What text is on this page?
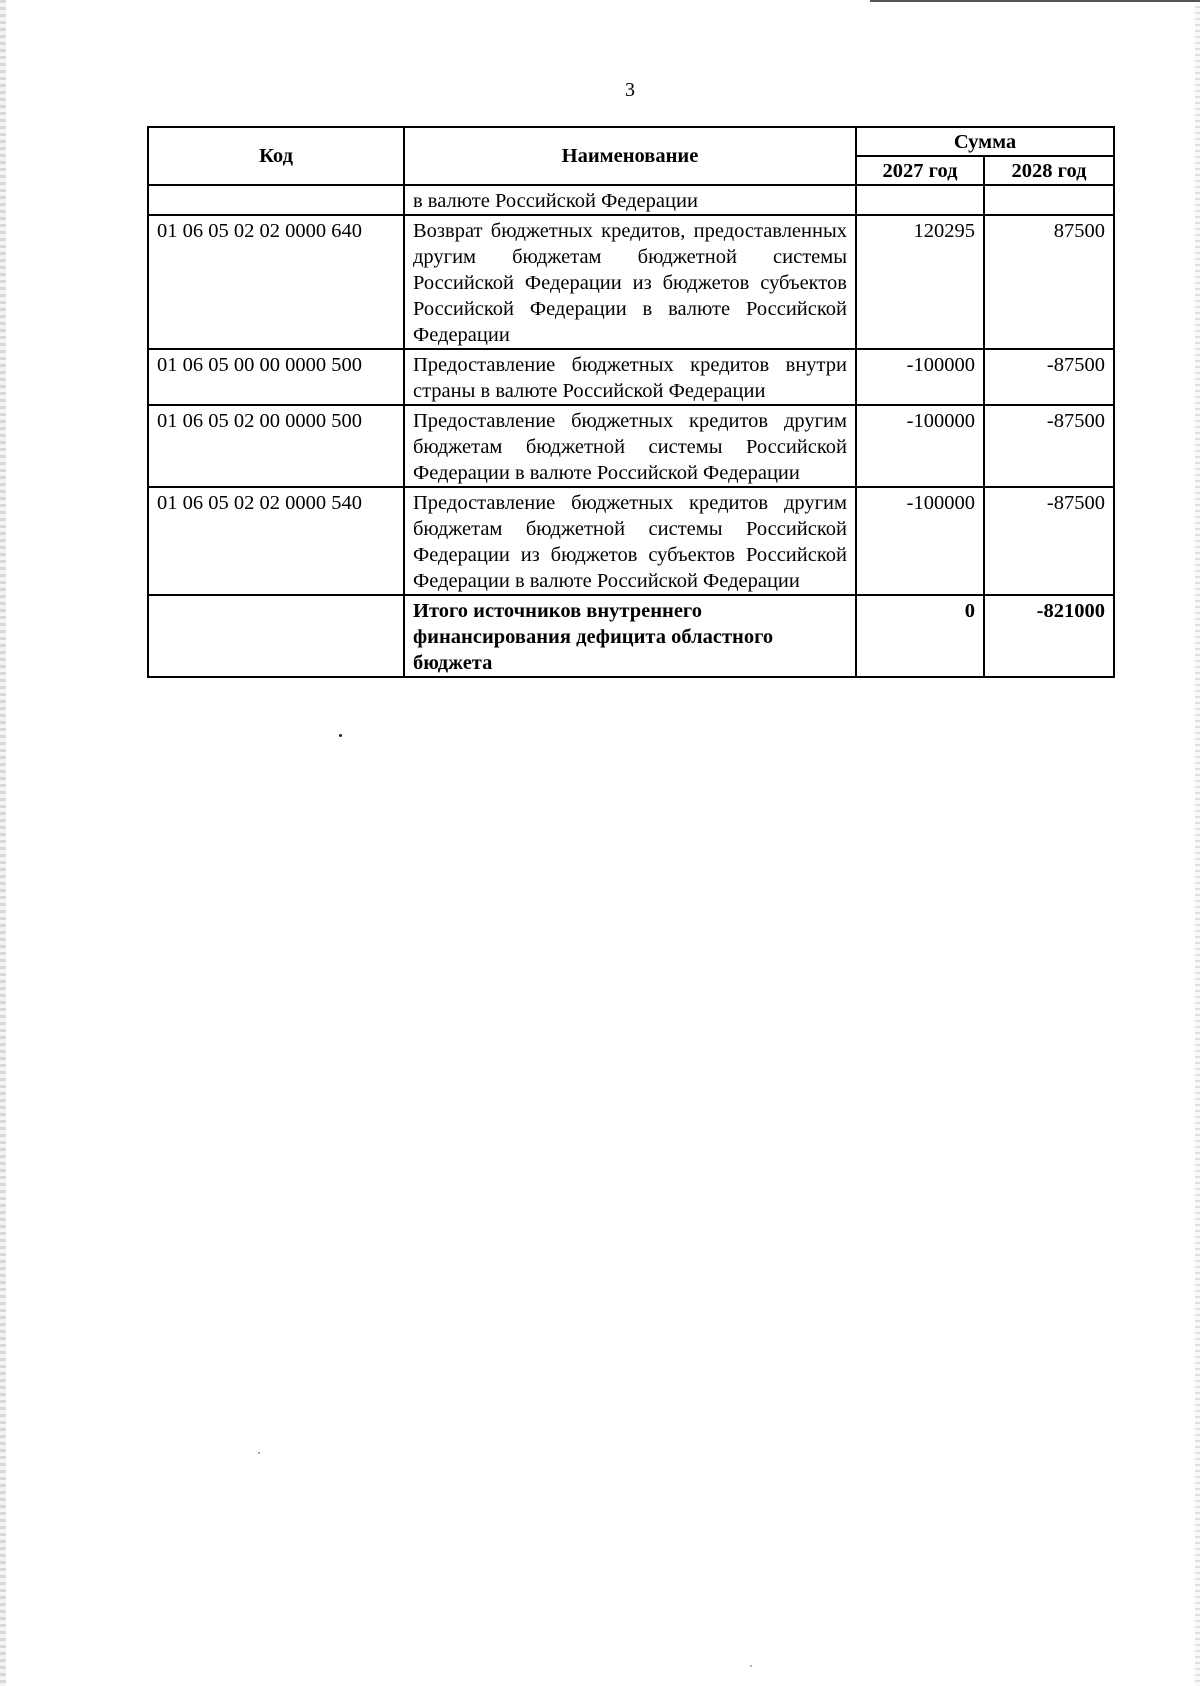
3
Код	Наименование	Сумма	
		2027 год	2028 год
	в валюте Российской Федерации		
01 06 05 02 02 0000 640	Возврат бюджетных кредитов, предоставленных другим бюджетам бюджетной системы Российской Федерации из бюджетов субъектов Российской Федерации в валюте Российской Федерации	120295	87500
01 06 05 00 00 0000 500	Предоставление бюджетных кредитов внутри страны в валюте Российской Федерации	-100000	-87500
01 06 05 02 00 0000 500	Предоставление бюджетных кредитов другим бюджетам бюджетной системы Российской Федерации в валюте Российской Федерации	-100000	-87500
01 06 05 02 02 0000 540	Предоставление бюджетных кредитов другим бюджетам бюджетной системы Российской Федерации из бюджетов субъектов Российской Федерации в валюте Российской Федерации	-100000	-87500
	Итого источников внутреннего финансирования дефицита областного бюджета	0	-821000
